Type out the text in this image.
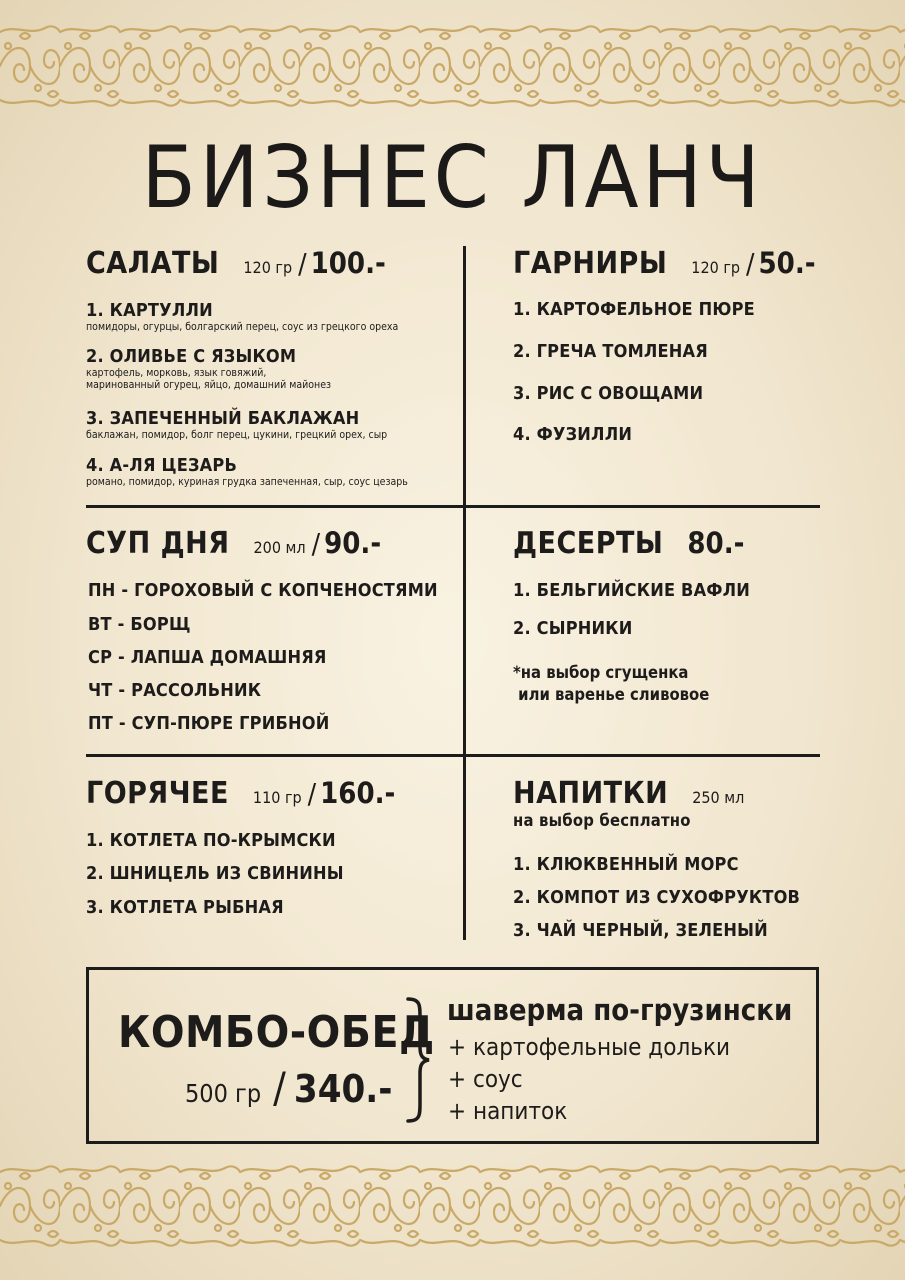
БИЗНЕС ЛАНЧ
САЛАТЫ 120 гр / 100.-
1. КАРТУЛЛИ
помидоры, огурцы, болгарский перец, соус из грецкого ореха
2. ОЛИВЬЕ С ЯЗЫКОМ
картофель, морковь, язык говяжий,
маринованный огурец, яйцо, домашний майонез
3. ЗАПЕЧЕННЫЙ БАКЛАЖАН
баклажан, помидор, болг перец, цукини, грецкий орех, сыр
4. А-ЛЯ ЦЕЗАРЬ
романо, помидор, куриная грудка запеченная, сыр, соус цезарь
ГАРНИРЫ 120 гр / 50.-
1. КАРТОФЕЛЬНОЕ ПЮРЕ
2. ГРЕЧА ТОМЛЕНАЯ
3. РИС С ОВОЩАМИ
4. ФУЗИЛЛИ
СУП ДНЯ 200 мл / 90.-
ПН - ГОРОХОВЫЙ С КОПЧЕНОСТЯМИ
ВТ - БОРЩ
СР - ЛАПША ДОМАШНЯЯ
ЧТ - РАССОЛЬНИК
ПТ - СУП-ПЮРЕ ГРИБНОЙ
ДЕСЕРТЫ 80.-
1. БЕЛЬГИЙСКИЕ ВАФЛИ
2. СЫРНИКИ
*на выбор сгущенка
или варенье сливовое
ГОРЯЧЕЕ 110 гр / 160.-
1. КОТЛЕТА ПО-КРЫМСКИ
2. ШНИЦЕЛЬ ИЗ СВИНИНЫ
3. КОТЛЕТА РЫБНАЯ
НАПИТКИ 250 мл
на выбор бесплатно
1. КЛЮКВЕННЫЙ МОРС
2. КОМПОТ ИЗ СУХОФРУКТОВ
3. ЧАЙ ЧЕРНЫЙ, ЗЕЛЕНЫЙ
КОМБО-ОБЕД
500 гр / 340.-
шаверма по-грузински
+ картофельные дольки
+ соус
+ напиток
